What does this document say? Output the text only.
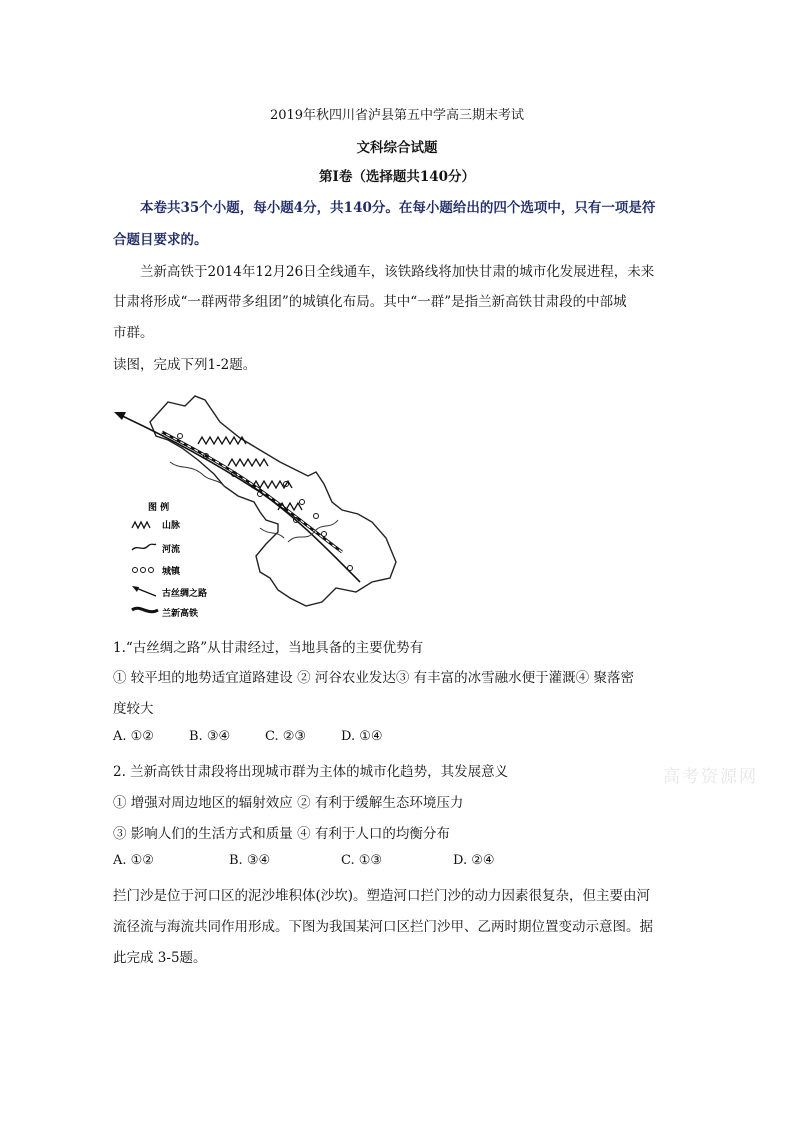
2019年秋四川省泸县第五中学高三期末考试
文科综合试题
第Ⅰ卷（选择题共140分）
本卷共35个小题，每小题4分，共140分。在每小题给出的四个选项中，只有一项是符
合题目要求的。
兰新高铁于2014年12月26日全线通车，该铁路线将加快甘肃的城市化发展进程，未来
甘肃将形成“一群两带多组团”的城镇化布局。其中“一群”是指兰新高铁甘肃段的中部城
市群。
读图，完成下列1-2题。
图 例
山脉
河流
城镇
古丝绸之路
兰新高铁
1.“古丝绸之路”从甘肃经过，当地具备的主要优势有
① 较平坦的地势适宜道路建设 ② 河谷农业发达③ 有丰富的冰雪融水便于灌溉④ 聚落密
度较大
A. ①②	B. ③④	C. ②③	D. ①④
2. 兰新高铁甘肃段将出现城市群为主体的城市化趋势，其发展意义
① 增强对周边地区的辐射效应 ② 有利于缓解生态环境压力
③ 影响人们的生活方式和质量 ④ 有利于人口的均衡分布
A. ①②	B. ③④	C. ①③	D. ②④
拦门沙是位于河口区的泥沙堆积体(沙坎)。塑造河口拦门沙的动力因素很复杂，但主要由河
流径流与海流共同作用形成。下图为我国某河口区拦门沙甲、乙两时期位置变动示意图。据
此完成 3-5题。
高考资源网
